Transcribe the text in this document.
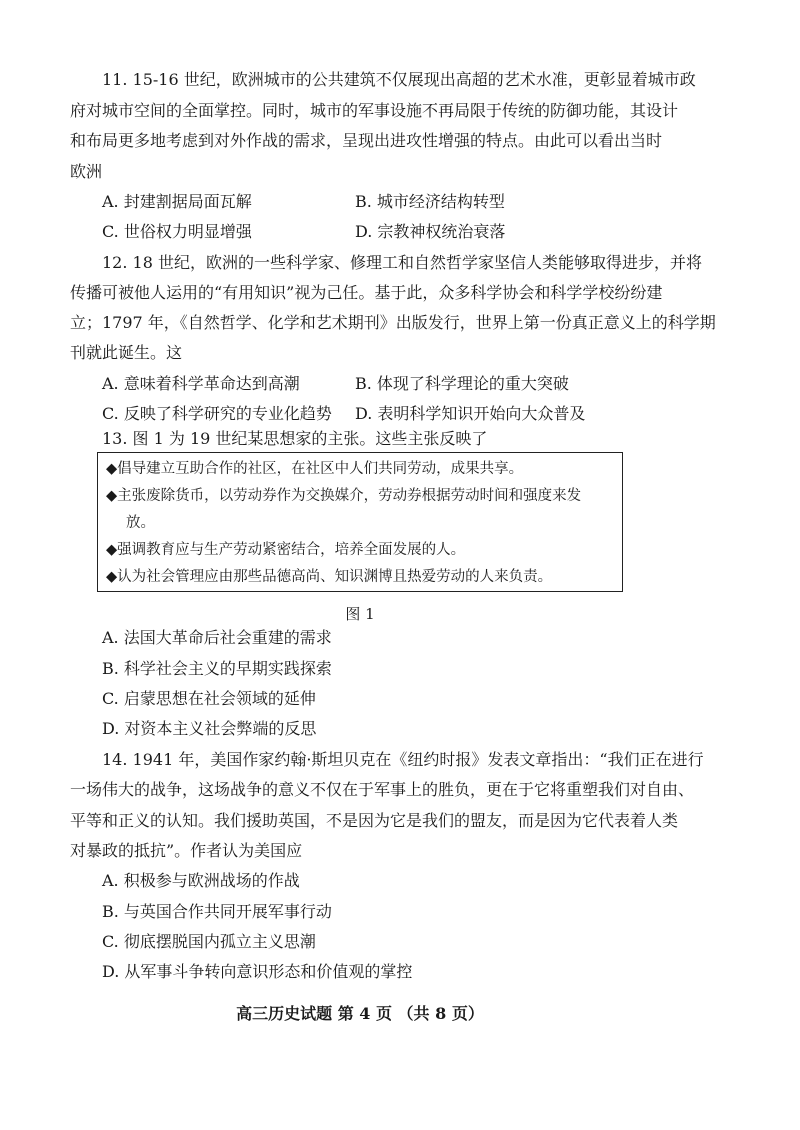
11. 15-16 世纪，欧洲城市的公共建筑不仅展现出高超的艺术水准，更彰显着城市政
府对城市空间的全面掌控。同时，城市的军事设施不再局限于传统的防御功能，其设计
和布局更多地考虑到对外作战的需求，呈现出进攻性增强的特点。由此可以看出当时
欧洲
A. 封建割据局面瓦解	B. 城市经济结构转型
C. 世俗权力明显增强	D. 宗教神权统治衰落
12. 18 世纪，欧洲的一些科学家、修理工和自然哲学家坚信人类能够取得进步，并将
传播可被他人运用的“有用知识”视为己任。基于此，众多科学协会和科学学校纷纷建
立；1797 年，《自然哲学、化学和艺术期刊》出版发行，世界上第一份真正意义上的科学期
刊就此诞生。这
A. 意味着科学革命达到高潮	B. 体现了科学理论的重大突破
C. 反映了科学研究的专业化趋势 D. 表明科学知识开始向大众普及
13. 图 1 为 19 世纪某思想家的主张。这些主张反映了
◆倡导建立互助合作的社区，在社区中人们共同劳动，成果共享。
◆主张废除货币，以劳动券作为交换媒介，劳动券根据劳动时间和强度来发
放。
◆强调教育应与生产劳动紧密结合，培养全面发展的人。
◆认为社会管理应由那些品德高尚、知识渊博且热爱劳动的人来负责。
图 1
A. 法国大革命后社会重建的需求
B. 科学社会主义的早期实践探索
C. 启蒙思想在社会领域的延伸
D. 对资本主义社会弊端的反思
14. 1941 年，美国作家约翰·斯坦贝克在《纽约时报》发表文章指出：“我们正在进行
一场伟大的战争，这场战争的意义不仅在于军事上的胜负，更在于它将重塑我们对自由、
平等和正义的认知。我们援助英国，不是因为它是我们的盟友，而是因为它代表着人类
对暴政的抵抗”。作者认为美国应
A. 积极参与欧洲战场的作战
B. 与英国合作共同开展军事行动
C. 彻底摆脱国内孤立主义思潮
D. 从军事斗争转向意识形态和价值观的掌控
高三历史试题 第 4 页 （共 8 页）
